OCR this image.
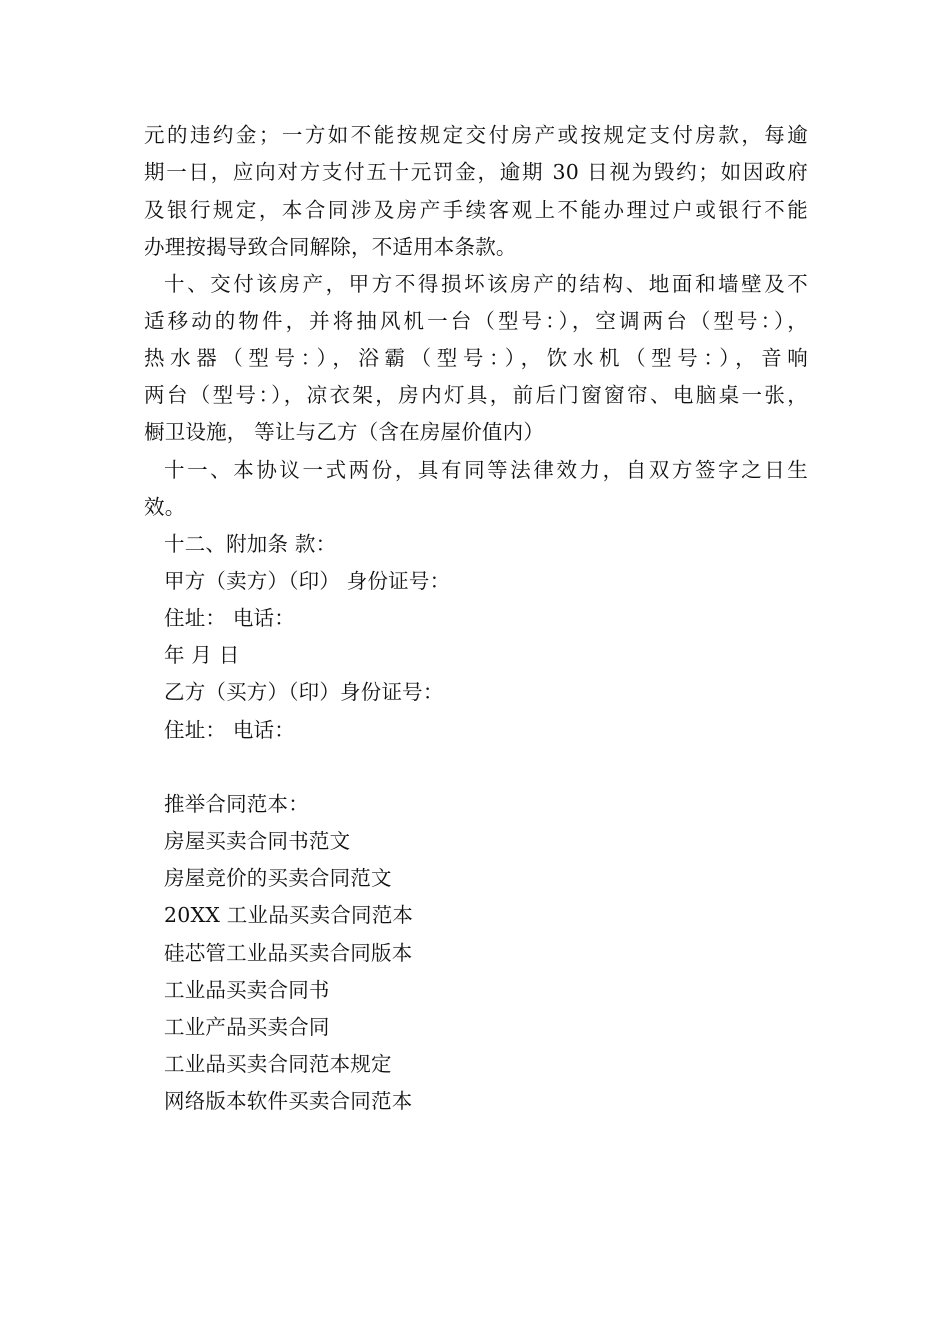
元的违约金；一方如不能按规定交付房产或按规定支付房款，每逾
期一日，应向对方支付五十元罚金，逾期 30 日视为毁约；如因政府
及银行规定，本合同涉及房产手续客观上不能办理过户或银行不能
办理按揭导致合同解除，不适用本条款。
十、交付该房产，甲方不得损坏该房产的结构、地面和墙壁及不
适移动的物件，并将抽风机一台（型号：），空调两台（型号：），
热水器（型号：），浴霸（型号：），饮水机（型号：），音响
两台（型号：），凉衣架，房内灯具，前后门窗窗帘、电脑桌一张，
橱卫设施， 等让与乙方（含在房屋价值内）
十一、本协议一式两份，具有同等法律效力，自双方签字之日生
效。
十二、附加条 款：
甲方（卖方）（印） 身份证号：
住址： 电话：
年 月 日
乙方（买方）（印）身份证号：
住址： 电话：
推举合同范本：
房屋买卖合同书范文
房屋竞价的买卖合同范文
20XX 工业品买卖合同范本
硅芯管工业品买卖合同版本
工业品买卖合同书
工业产品买卖合同
工业品买卖合同范本规定
网络版本软件买卖合同范本
